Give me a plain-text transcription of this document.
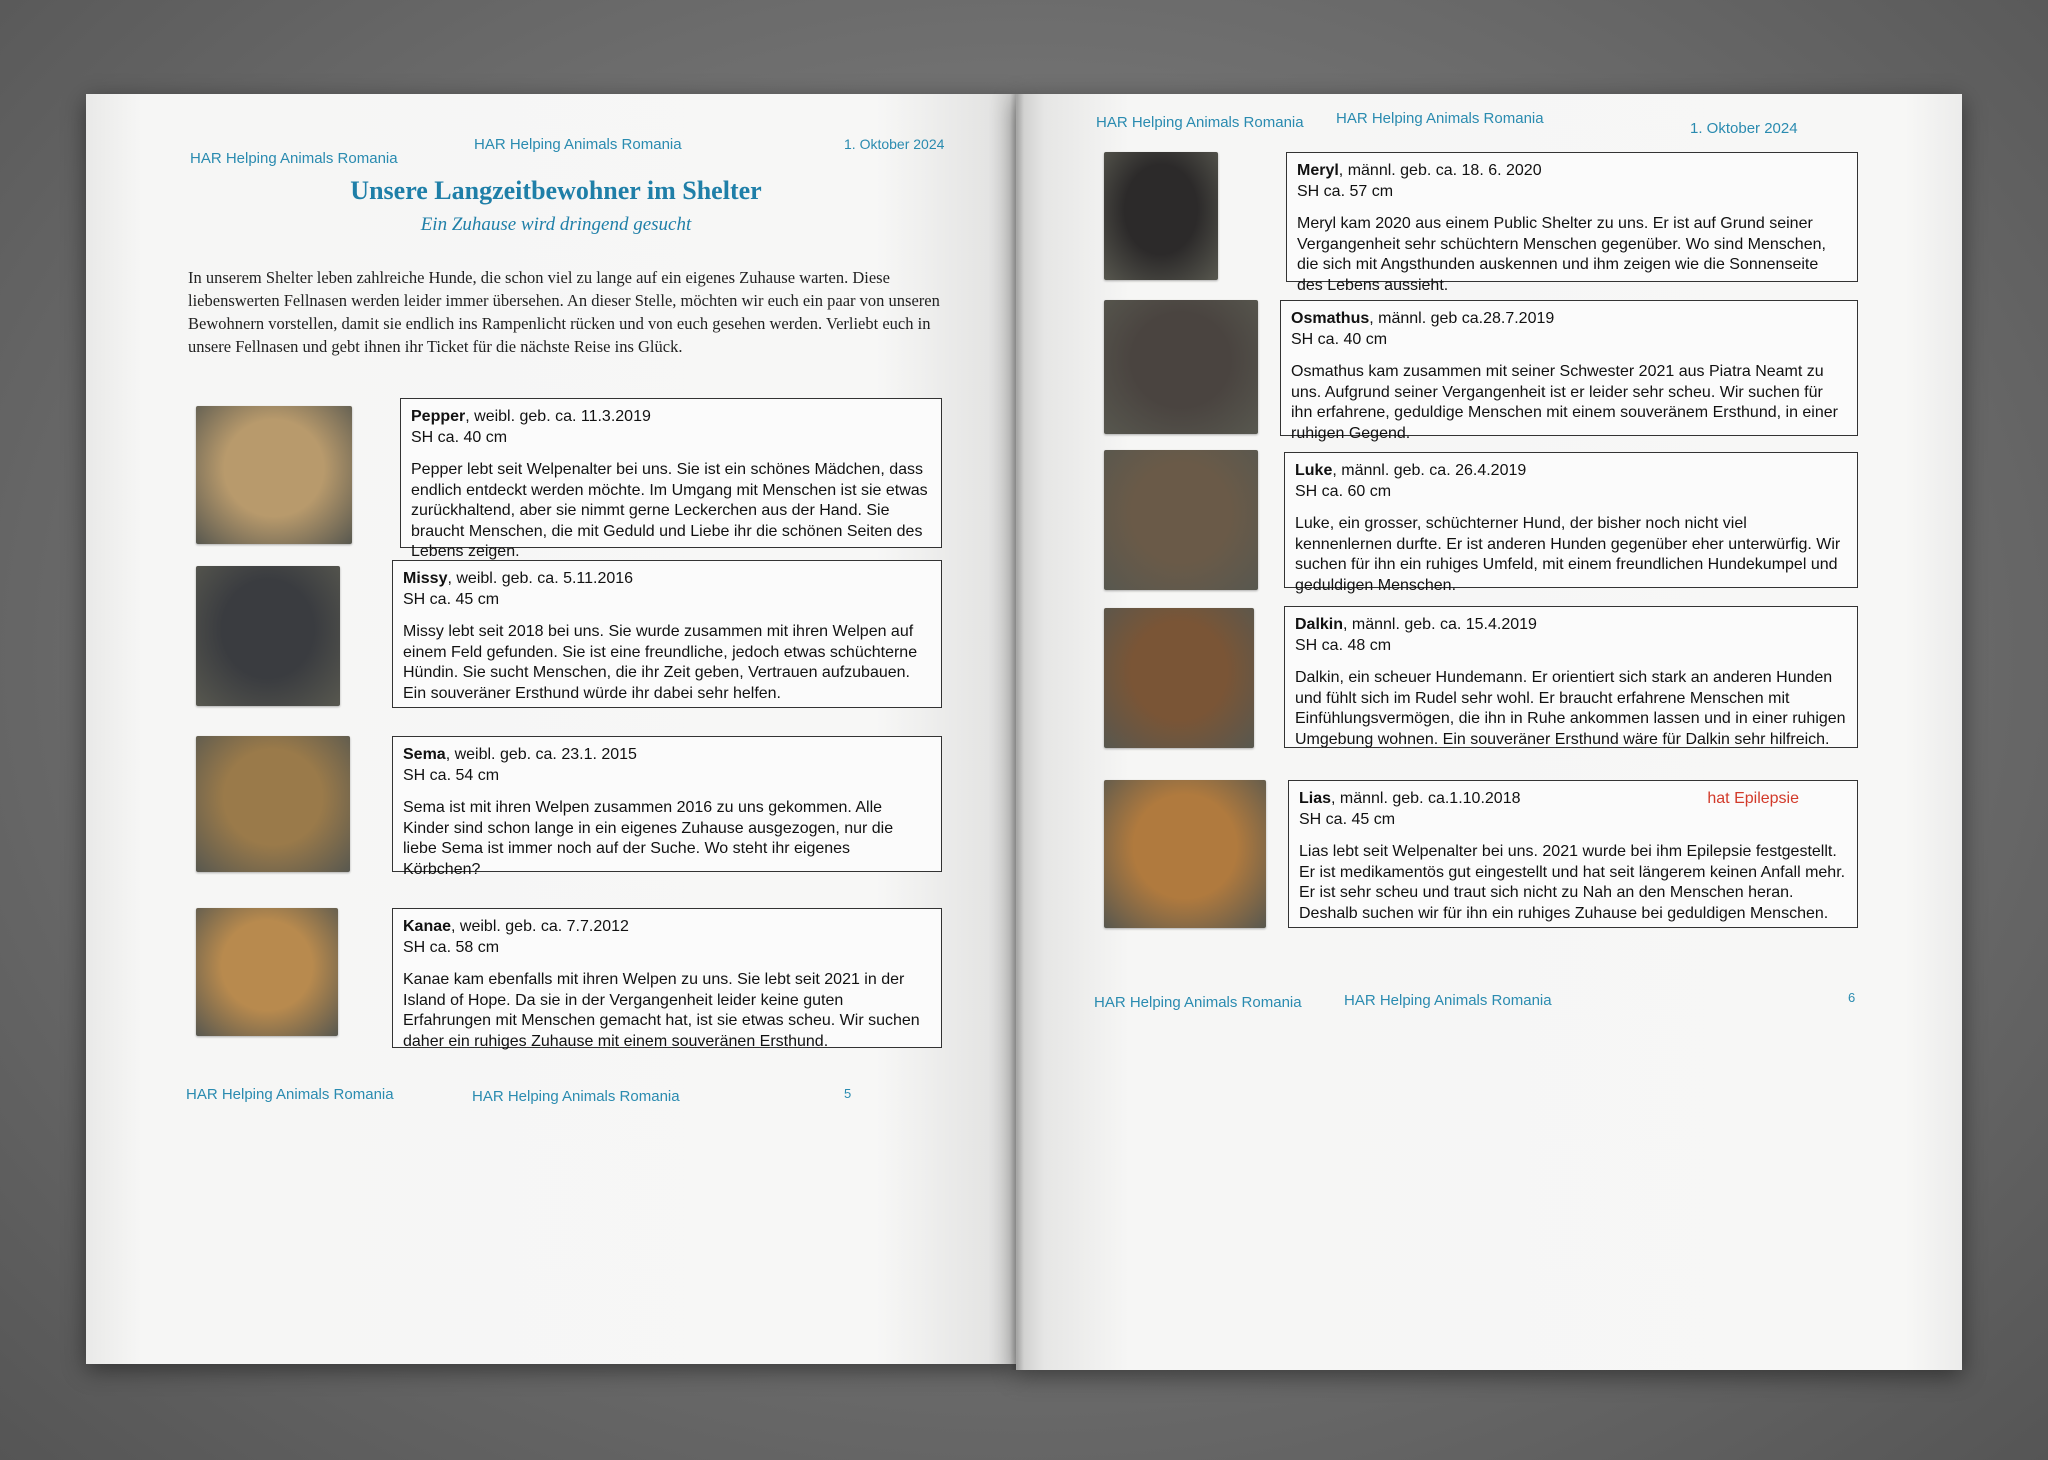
HAR Helping Animals Romania
HAR Helping Animals Romania	1. Oktober 2024
Unsere Langzeitbewohner im Shelter
Ein Zuhause wird dringend gesucht

In unserem Shelter leben zahlreiche Hunde, die schon viel zu lange auf ein eigenes Zuhause warten. Diese liebenswerten Fellnasen werden leider immer übersehen. An dieser Stelle, möchten wir euch ein paar von unseren Bewohnern vorstellen, damit sie endlich ins Rampenlicht rücken und von euch gesehen werden. Verliebt euch in unsere Fellnasen und gebt ihnen ihr Ticket für die nächste Reise ins Glück.

Pepper, weibl. geb. ca. 11.3.2019

SH ca. 40 cm

Pepper lebt seit Welpenalter bei uns. Sie ist ein schönes Mädchen, dass endlich entdeckt werden möchte. Im Umgang mit Menschen ist sie etwas zurückhaltend, aber sie nimmt gerne Leckerchen aus der Hand. Sie braucht Menschen, die mit Geduld und Liebe ihr die schönen Seiten des Lebens zeigen.

Missy, weibl. geb. ca. 5.11.2016

SH ca. 45 cm

Missy lebt seit 2018 bei uns. Sie wurde zusammen mit ihren Welpen auf einem Feld gefunden. Sie ist eine freundliche, jedoch etwas schüchterne Hündin. Sie sucht Menschen, die ihr Zeit geben, Vertrauen aufzubauen. Ein souveräner Ersthund würde ihr dabei sehr helfen.

Sema, weibl. geb. ca. 23.1. 2015

SH ca. 54 cm

Sema ist mit ihren Welpen zusammen 2016 zu uns gekommen. Alle Kinder sind schon lange in ein eigenes Zuhause ausgezogen, nur die liebe Sema ist immer noch auf der Suche. Wo steht ihr eigenes Körbchen?

Kanae, weibl. geb. ca. 7.7.2012

SH ca. 58 cm

Kanae kam ebenfalls mit ihren Welpen zu uns. Sie lebt seit 2021 in der Island of Hope. Da sie in der Vergangenheit leider keine guten Erfahrungen mit Menschen gemacht hat, ist sie etwas scheu. Wir suchen daher ein ruhiges Zuhause mit einem souveränen Ersthund.

HAR Helping Animals Romania	HAR Helping Animals Romania	5
HAR Helping Animals Romania HAR Helping Animals Romania
1. Oktober 2024

Meryl, männl. geb. ca. 18. 6. 2020

SH ca. 57 cm

Meryl kam 2020 aus einem Public Shelter zu uns. Er ist auf Grund seiner Vergangenheit sehr schüchtern Menschen gegenüber. Wo sind Menschen, die sich mit Angsthunden auskennen und ihm zeigen wie die Sonnenseite des Lebens aussieht.

Osmathus, männl. geb ca.28.7.2019

SH ca. 40 cm

Osmathus kam zusammen mit seiner Schwester 2021 aus Piatra Neamt zu uns. Aufgrund seiner Vergangenheit ist er leider sehr scheu. Wir suchen für ihn erfahrene, geduldige Menschen mit einem souveränem Ersthund, in einer ruhigen Gegend.

Luke, männl. geb. ca. 26.4.2019

SH ca. 60 cm

Luke, ein grosser, schüchterner Hund, der bisher noch nicht viel kennenlernen durfte. Er ist anderen Hunden gegenüber eher unterwürfig. Wir suchen für ihn ein ruhiges Umfeld, mit einem freundlichen Hundekumpel und geduldigen Menschen.

Dalkin, männl. geb. ca. 15.4.2019

SH ca. 48 cm

Dalkin, ein scheuer Hundemann. Er orientiert sich stark an anderen Hunden und fühlt sich im Rudel sehr wohl. Er braucht erfahrene Menschen mit Einfühlungsvermögen, die ihn in Ruhe ankommen lassen und in einer ruhigen Umgebung wohnen. Ein souveräner Ersthund wäre für Dalkin sehr hilfreich.

hat Epilepsie

Lias, männl. geb. ca.1.10.2018

SH ca. 45 cm

Lias lebt seit Welpenalter bei uns. 2021 wurde bei ihm Epilepsie festgestellt. Er ist medikamentös gut eingestellt und hat seit längerem keinen Anfall mehr. Er ist sehr scheu und traut sich nicht zu Nah an den Menschen heran. Deshalb suchen wir für ihn ein ruhiges Zuhause bei geduldigen Menschen.

HAR Helping Animals Romania	HAR Helping Animals Romania	6
